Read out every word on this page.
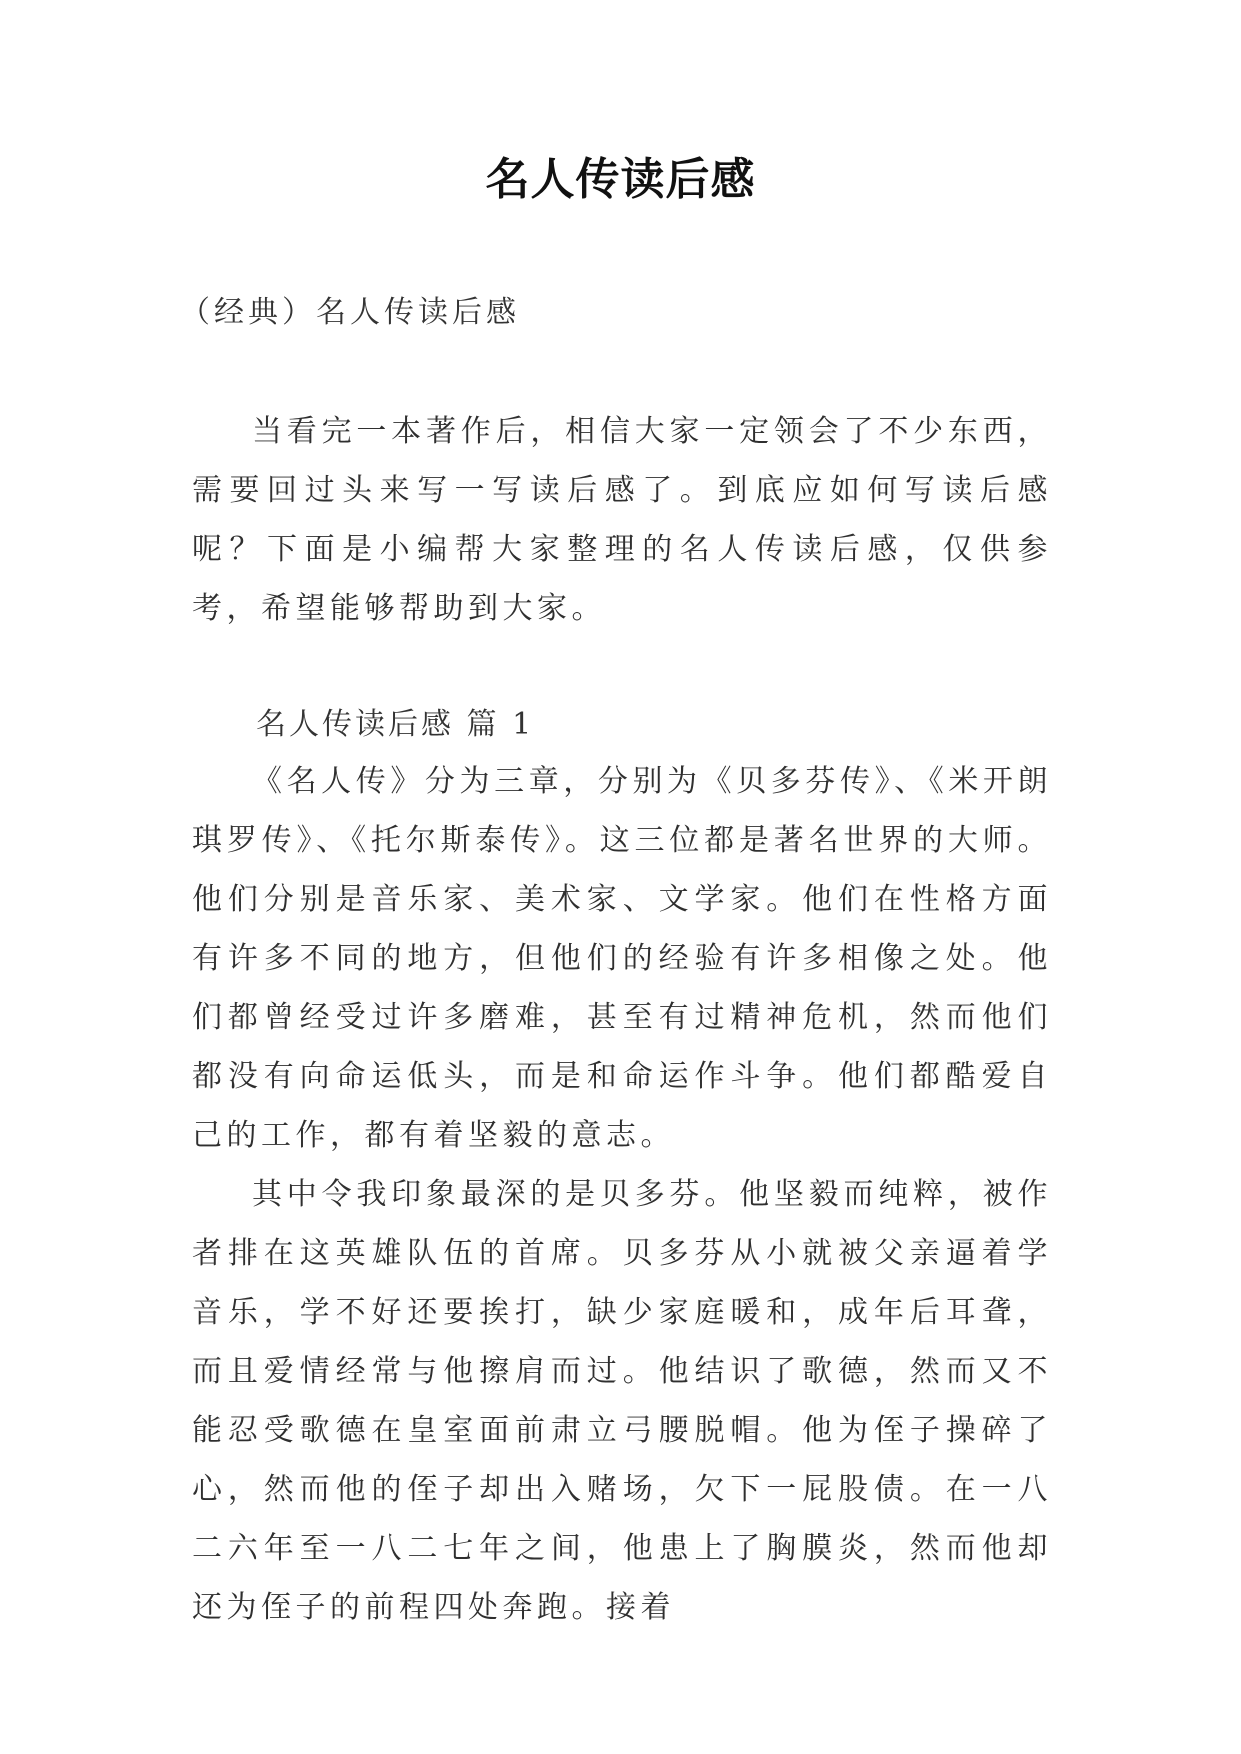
名人传读后感
（经典）名人传读后感

当看完一本著作后，相信大家一定领会了不少东西，需要回过头来写一写读后感了。到底应如何写读后感呢？下面是小编帮大家整理的名人传读后感，仅供参考，希望能够帮助到大家。

名人传读后感 篇 1

《名人传》分为三章，分别为《贝多芬传》、《米开朗琪罗传》、《托尔斯泰传》。这三位都是著名世界的大师。他们分别是音乐家、美术家、文学家。他们在性格方面有许多不同的地方，但他们的经验有许多相像之处。他们都曾经受过许多磨难，甚至有过精神危机，然而他们都没有向命运低头，而是和命运作斗争。他们都酷爱自己的工作，都有着坚毅的意志。

其中令我印象最深的是贝多芬。他坚毅而纯粹，被作者排在这英雄队伍的首席。贝多芬从小就被父亲逼着学音乐，学不好还要挨打，缺少家庭暖和，成年后耳聋，而且爱情经常与他擦肩而过。他结识了歌德，然而又不能忍受歌德在皇室面前肃立弓腰脱帽。他为侄子操碎了心，然而他的侄子却出入赌场，欠下一屁股债。在一八二六年至一八二七年之间，他患上了胸膜炎，然而他却还为侄子的前程四处奔跑。接着
